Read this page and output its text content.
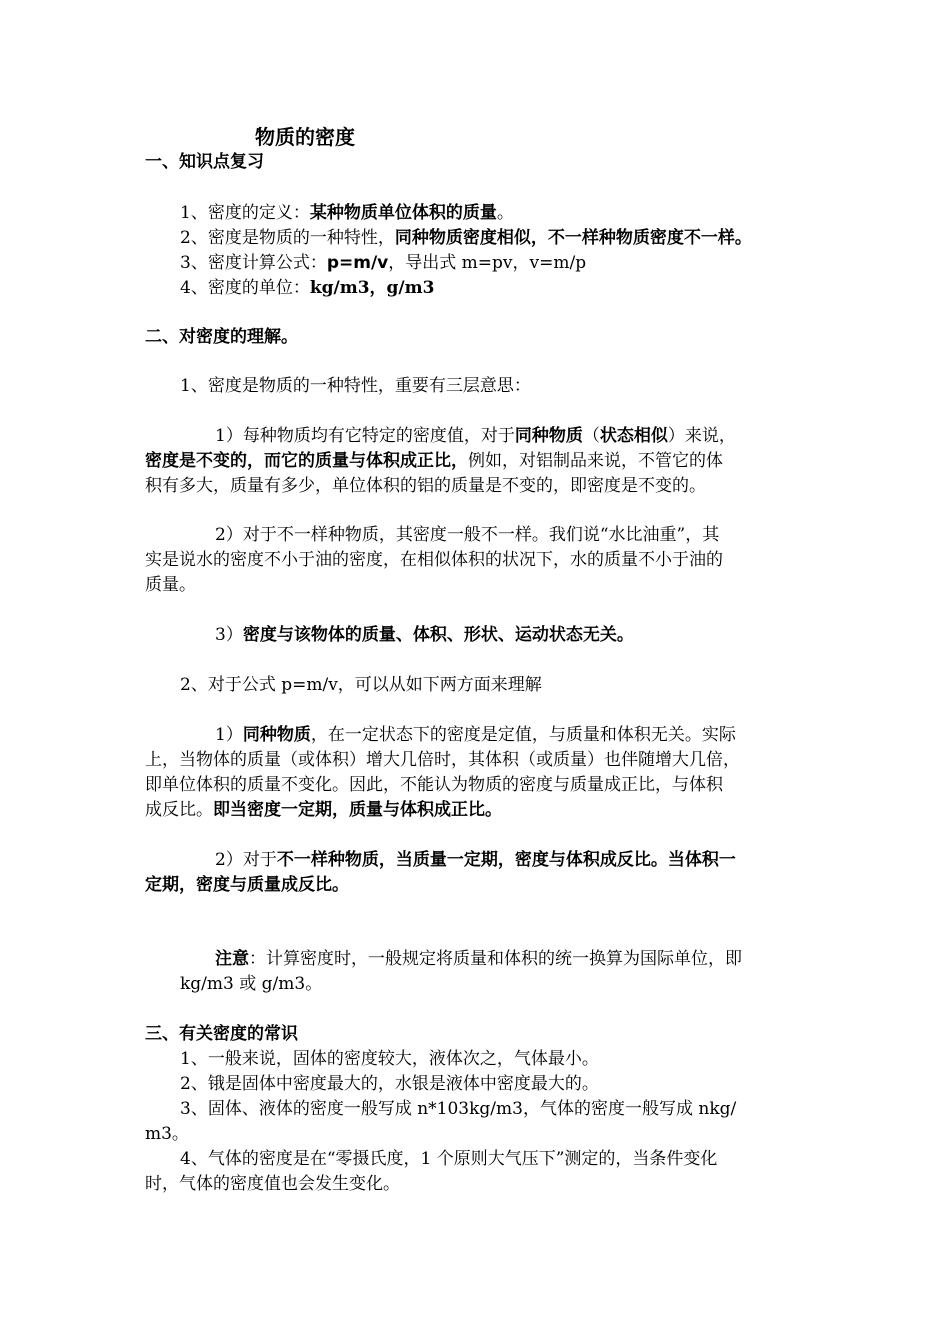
物质的密度
一、知识点复习
1、密度的定义：某种物质单位体积的质量。
2、密度是物质的一种特性，同种物质密度相似，不一样种物质密度不一样。
3、密度计算公式：p=m/v，导出式 m=pv，v=m/p
4、密度的单位：kg/m3，g/m3
二、对密度的理解。
1、密度是物质的一种特性，重要有三层意思：
1）每种物质均有它特定的密度值，对于同种物质（状态相似）来说，
密度是不变的，而它的质量与体积成正比，例如，对铝制品来说，不管它的体
积有多大，质量有多少，单位体积的铝的质量是不变的，即密度是不变的。
2）对于不一样种物质，其密度一般不一样。我们说“水比油重”，其
实是说水的密度不小于油的密度，在相似体积的状况下，水的质量不小于油的
质量。
3）密度与该物体的质量、体积、形状、运动状态无关。
2、对于公式 p=m/v，可以从如下两方面来理解
1）同种物质，在一定状态下的密度是定值，与质量和体积无关。实际
上，当物体的质量（或体积）增大几倍时，其体积（或质量）也伴随增大几倍，
即单位体积的质量不变化。因此，不能认为物质的密度与质量成正比，与体积
成反比。即当密度一定期，质量与体积成正比。
2）对于不一样种物质，当质量一定期，密度与体积成反比。当体积一
定期，密度与质量成反比。
注意：计算密度时，一般规定将质量和体积的统一换算为国际单位，即
kg/m3 或 g/m3。
三、有关密度的常识
1、一般来说，固体的密度较大，液体次之，气体最小。
2、锇是固体中密度最大的，水银是液体中密度最大的。
3、固体、液体的密度一般写成 n*103kg/m3，气体的密度一般写成 nkg/
m3。
4、气体的密度是在“零摄氏度，1 个原则大气压下”测定的，当条件变化
时，气体的密度值也会发生变化。
